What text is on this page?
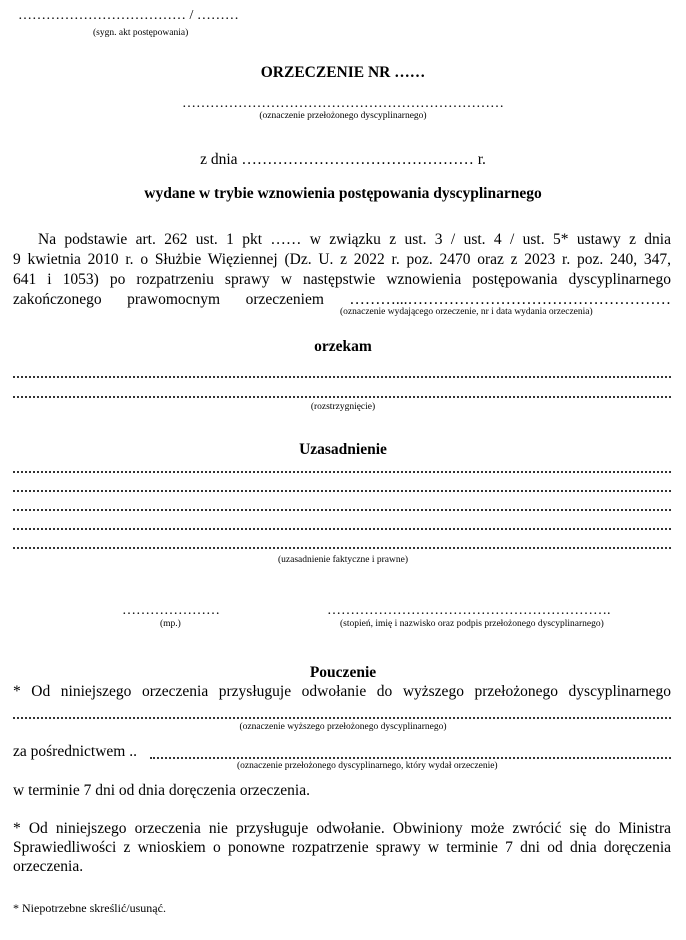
……………………………… / ………
(sygn. akt postępowania)
ORZECZENIE NR ……
……………………………………………………………
(oznaczenie przełożonego dyscyplinarnego)
z dnia ……………………………………… r.
wydane w trybie wznowienia postępowania dyscyplinarnego
Na podstawie art. 262 ust. 1 pkt …… w związku z ust. 3 / ust. 4 / ust. 5* ustawy z dnia
9 kwietnia 2010 r. o Służbie Więziennej (Dz. U. z 2022 r. poz. 2470 oraz z 2023 r. poz. 240, 347,
641 i 1053) po rozpatrzeniu sprawy w następstwie wznowienia postępowania dyscyplinarnego
zakończonego prawomocnym orzeczeniem ………...……………………………………………
(oznaczenie wydającego orzeczenie, nr i data wydania orzeczenia)
orzekam
(rozstrzygnięcie)
Uzasadnienie
(uzasadnienie faktyczne i prawne)
…………………
(mp.)
…………………………………………………….
(stopień, imię i nazwisko oraz podpis przełożonego dyscyplinarnego)
Pouczenie
* Od niniejszego orzeczenia przysługuje odwołanie do wyższego przełożonego dyscyplinarnego
(oznaczenie wyższego przełożonego dyscyplinarnego)
za pośrednictwem ..
(oznaczenie przełożonego dyscyplinarnego, który wydał orzeczenie)
w terminie 7 dni od dnia doręczenia orzeczenia.
* Od niniejszego orzeczenia nie przysługuje odwołanie. Obwiniony może zwrócić się do Ministra
Sprawiedliwości z wnioskiem o ponowne rozpatrzenie sprawy w terminie 7 dni od dnia doręczenia
orzeczenia.
* Niepotrzebne skreślić/usunąć.
